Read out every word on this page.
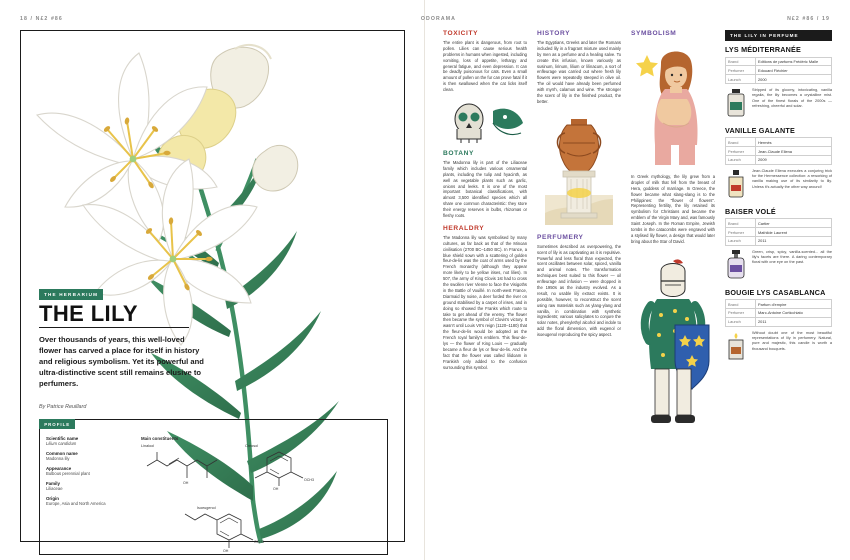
18 / N£2 #86	ODORAMA
THE HERBARIUM
THE LILY
Over thousands of years, this well-loved flower has carved a place for itself in history and religious symbolism. Yet its powerful and ultra-distinctive scent still remains elusive to perfumers.
By Patrice Reuillard
PROFILE
Scientific name
Lilium candidum
Common name
Madonna lily
Appearance
Bulbous perennial plant
Family
Liliaceae
Origin
Europe, Asia and North America
Main constituents
Linalool	Creosol
Isoeugenol
OH
OCH3
OH
OCH3
OH
N£2 #86 / 19
TOXICITY
The entire plant is dangerous, from root to pollen. Lilies can cause serious health problems in humans when ingested, including vomiting, loss of appetite, lethargy and general fatigue, and even depression. It can be deadly poisonous for cats. Even a small amount of pollen on the fur can prove fatal if it is then swallowed when the cat licks itself clean.
BOTANY
The Madonna lily is part of the Liliaceae family which includes various ornamental plants, including the tulip and hyacinth, as well as vegetable plants such as garlic, onions and leeks. It is one of the most important botanical classifications, with almost 3,500 identified species which all share one common characteristic: they store their energy reserves in bulbs, rhizomas or fleshy roots.
HERALDRY
The Madonna lily was symbolised by many cultures, as far back as that of the Minoan civilisation (2700 BC–1450 BC). In France, a blue shield sown with a scattering of golden fleur-de-lis was the coat of arms used by the French monarchy (although they appear more likely to be yellow irises, not lilies). In 507, the army of King Clovis 1st had to cross the swollen river Vienne to face the Visigoths in the Battle of Vouillé. In north-west France, Diarmaid by noise, a deer forded the river on ground stabilised by a carpet of irises, and in doing so showed the Franks which route to take to get ahead of the enemy. The flower then became the symbol of Clovis's victory. It wasn't until Louis VII's reign (1120–1180) that the fleur-de-lis would be adopted as the French royal family's emblem. This fleur-de-lys — the flower of King Louis — gradually became a fleur de lys or fleur-de-lis. And the fact that the flower was called lilidoam in Frankish only added to the confusion surrounding this symbol.
HISTORY
The Egyptians, Greeks and later the Romans included lily in a fragrant mixture used mainly by men as a perfume and a healing salve. To create this infusion, known variously as susinum, lirinum, lilium or lilinacum, a sort of enfleurage was carried out where fresh lily flowers were repeatedly steeped in olive oil. The oil would have already been perfumed with myrrh, calamus and wine. The stronger the scent of lily in the finished product, the better.
PERFUMERY
Sometimes described as overpowering, the scent of lily is as captivating as it is repulsive. Powerful and less floral than expected, the scent oscillates between solar, spiced, vanilla and animal notes. The transformation techniques best suited to this flower — oil enfleurage and infusion — were dropped in the 1950s as the industry evolved. As a result, no usable lily extract exists. It is possible, however, to reconstruct the scent using raw materials such as ylang-ylang and vanilla, in combination with synthetic ingredients; various salicylates to conjure the solar notes, phenylethyl alcohol and indole to add the floral dimension, with eugenol or isoeugenol reproducing the spicy aspect.
SYMBOLISM
In Greek mythology, the lily grew from a droplet of milk that fell from the breast of Hera, goddess of marriage. In Greece, the flower became what slang-slang is to the Philippines: the "flower of flowers". Representing fertility, the lily retained its symbolism for Christians and became the emblem of the Virgin Mary and, was famously Saint Joseph. In the Roman Empire, Jewish tombs in the catacombs were engraved with a stylised lily flower, a design that would later bring about the Star of David.
THE LILY IN PERFUME
LYS MÉDITERRANÉE
Brand	Editions de parfums Frédéric Malle
Perfumer	Edouard Fléchier
Launch	2000
Stripped of its gloomy, intoxicating, vanilla regalia, the lily becomes a crystalline mist. One of the finest florals of the 2000s — refreshing, cheerful and solar.
VANILLE GALANTE
Brand	Hermès
Perfumer	Jean-Claude Ellena
Launch	2009
Jean-Claude Ellena executes a conjuring trick for the Hermessence collection: a reworking of vanilla making use of its similarity to lily. Unless it's actually the other way around!
BAISER VOLÉ
Brand	Cartier
Perfumer	Mathilde Laurent
Launch	2011
Green, crisp, spicy, vanilla-scented... all the lily's facets are there. A daring contemporary floral with one eye on the past.
BOUGIE LYS CASABLANCA
Brand	Parfum d'empire
Perfumer	Marc-Antoine Corticchiato
Launch	2011
Without doubt one of the most beautiful representations of lily in perfumery. Natural, pure and majestic, this candle is worth a thousand bouquets.
